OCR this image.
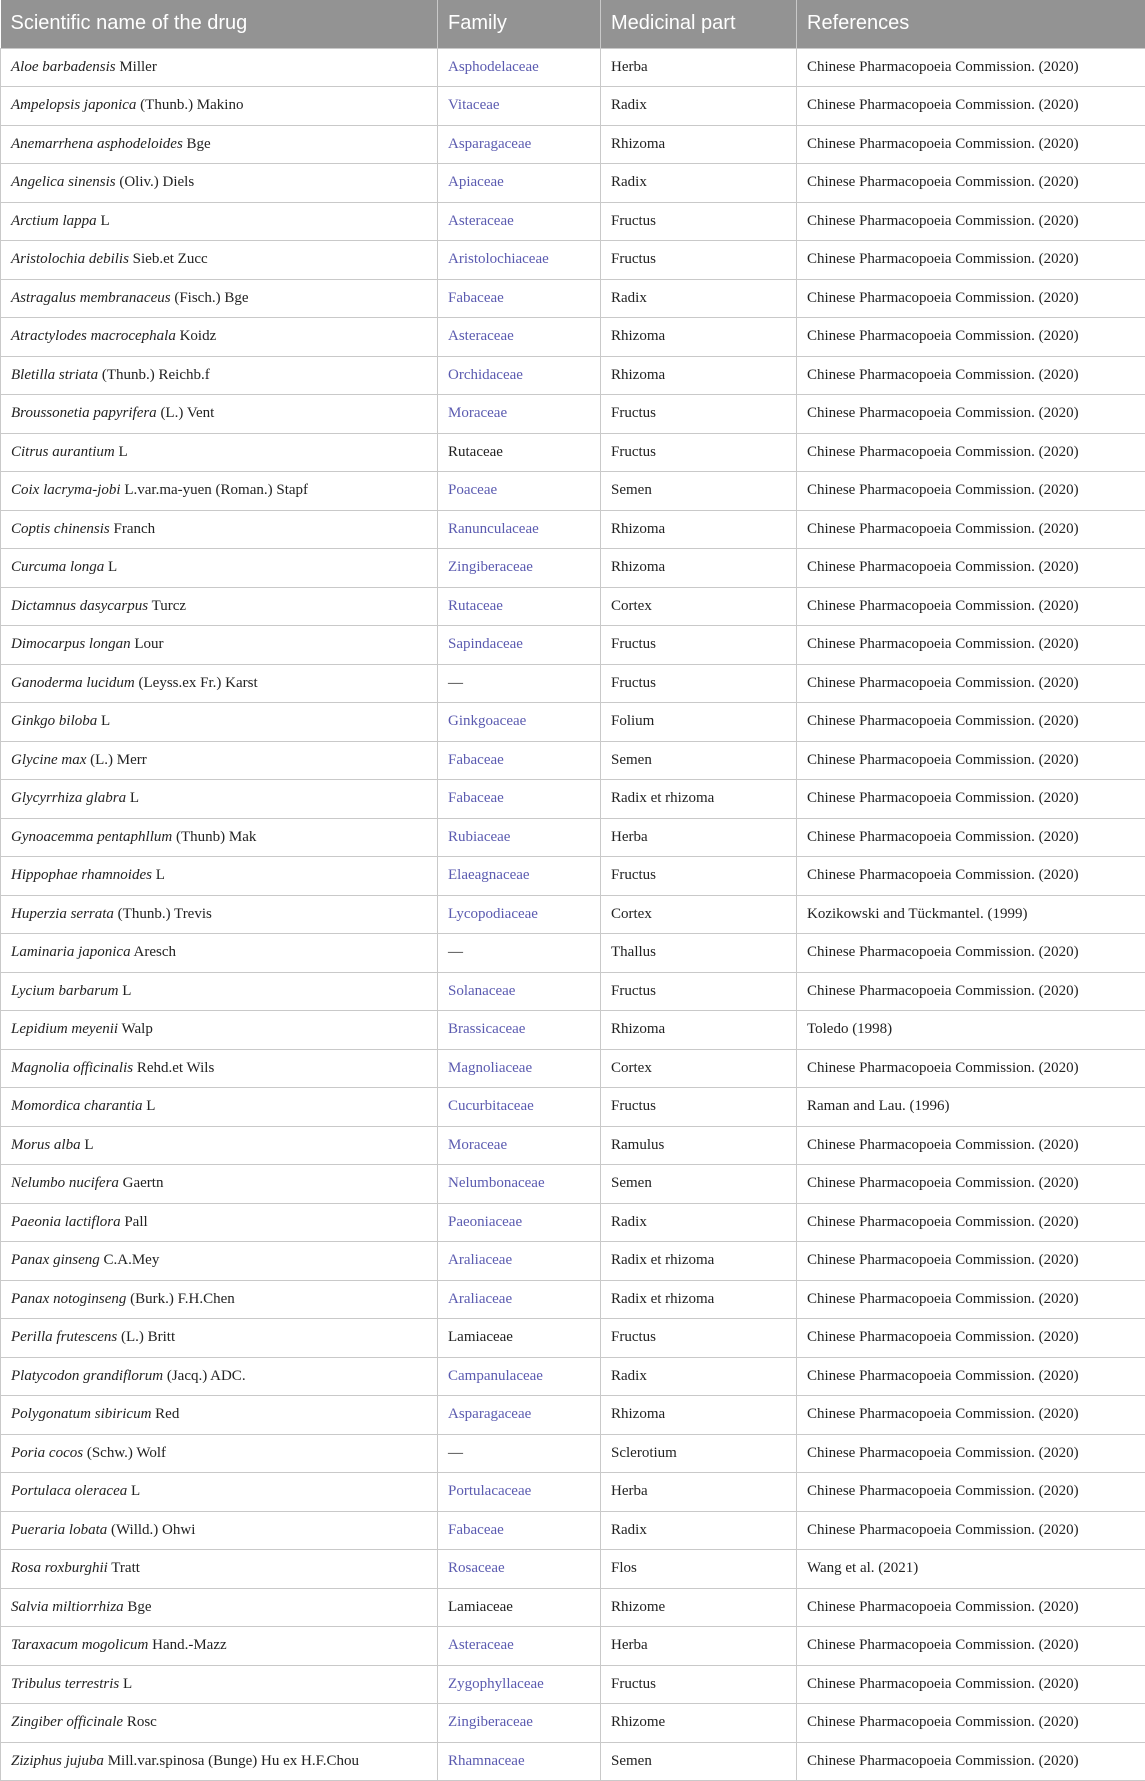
Scientific name of the drug	Family	Medicinal part	References
Aloe barbadensis Miller	Asphodelaceae	Herba	Chinese Pharmacopoeia Commission. (2020)
Ampelopsis japonica (Thunb.) Makino	Vitaceae	Radix	Chinese Pharmacopoeia Commission. (2020)
Anemarrhena asphodeloides Bge	Asparagaceae	Rhizoma	Chinese Pharmacopoeia Commission. (2020)
Angelica sinensis (Oliv.) Diels	Apiaceae	Radix	Chinese Pharmacopoeia Commission. (2020)
Arctium lappa L	Asteraceae	Fructus	Chinese Pharmacopoeia Commission. (2020)
Aristolochia debilis Sieb.et Zucc	Aristolochiaceae	Fructus	Chinese Pharmacopoeia Commission. (2020)
Astragalus membranaceus (Fisch.) Bge	Fabaceae	Radix	Chinese Pharmacopoeia Commission. (2020)
Atractylodes macrocephala Koidz	Asteraceae	Rhizoma	Chinese Pharmacopoeia Commission. (2020)
Bletilla striata (Thunb.) Reichb.f	Orchidaceae	Rhizoma	Chinese Pharmacopoeia Commission. (2020)
Broussonetia papyrifera (L.) Vent	Moraceae	Fructus	Chinese Pharmacopoeia Commission. (2020)
Citrus aurantium L	Rutaceae	Fructus	Chinese Pharmacopoeia Commission. (2020)
Coix lacryma-jobi L.var.ma-yuen (Roman.) Stapf	Poaceae	Semen	Chinese Pharmacopoeia Commission. (2020)
Coptis chinensis Franch	Ranunculaceae	Rhizoma	Chinese Pharmacopoeia Commission. (2020)
Curcuma longa L	Zingiberaceae	Rhizoma	Chinese Pharmacopoeia Commission. (2020)
Dictamnus dasycarpus Turcz	Rutaceae	Cortex	Chinese Pharmacopoeia Commission. (2020)
Dimocarpus longan Lour	Sapindaceae	Fructus	Chinese Pharmacopoeia Commission. (2020)
Ganoderma lucidum (Leyss.ex Fr.) Karst	—	Fructus	Chinese Pharmacopoeia Commission. (2020)
Ginkgo biloba L	Ginkgoaceae	Folium	Chinese Pharmacopoeia Commission. (2020)
Glycine max (L.) Merr	Fabaceae	Semen	Chinese Pharmacopoeia Commission. (2020)
Glycyrrhiza glabra L	Fabaceae	Radix et rhizoma	Chinese Pharmacopoeia Commission. (2020)
Gynoacemma pentaphllum (Thunb) Mak	Rubiaceae	Herba	Chinese Pharmacopoeia Commission. (2020)
Hippophae rhamnoides L	Elaeagnaceae	Fructus	Chinese Pharmacopoeia Commission. (2020)
Huperzia serrata (Thunb.) Trevis	Lycopodiaceae	Cortex	Kozikowski and Tückmantel. (1999)
Laminaria japonica Aresch	—	Thallus	Chinese Pharmacopoeia Commission. (2020)
Lycium barbarum L	Solanaceae	Fructus	Chinese Pharmacopoeia Commission. (2020)
Lepidium meyenii Walp	Brassicaceae	Rhizoma	Toledo (1998)
Magnolia officinalis Rehd.et Wils	Magnoliaceae	Cortex	Chinese Pharmacopoeia Commission. (2020)
Momordica charantia L	Cucurbitaceae	Fructus	Raman and Lau. (1996)
Morus alba L	Moraceae	Ramulus	Chinese Pharmacopoeia Commission. (2020)
Nelumbo nucifera Gaertn	Nelumbonaceae	Semen	Chinese Pharmacopoeia Commission. (2020)
Paeonia lactiflora Pall	Paeoniaceae	Radix	Chinese Pharmacopoeia Commission. (2020)
Panax ginseng C.A.Mey	Araliaceae	Radix et rhizoma	Chinese Pharmacopoeia Commission. (2020)
Panax notoginseng (Burk.) F.H.Chen	Araliaceae	Radix et rhizoma	Chinese Pharmacopoeia Commission. (2020)
Perilla frutescens (L.) Britt	Lamiaceae	Fructus	Chinese Pharmacopoeia Commission. (2020)
Platycodon grandiflorum (Jacq.) ADC.	Campanulaceae	Radix	Chinese Pharmacopoeia Commission. (2020)
Polygonatum sibiricum Red	Asparagaceae	Rhizoma	Chinese Pharmacopoeia Commission. (2020)
Poria cocos (Schw.) Wolf	—	Sclerotium	Chinese Pharmacopoeia Commission. (2020)
Portulaca oleracea L	Portulacaceae	Herba	Chinese Pharmacopoeia Commission. (2020)
Pueraria lobata (Willd.) Ohwi	Fabaceae	Radix	Chinese Pharmacopoeia Commission. (2020)
Rosa roxburghii Tratt	Rosaceae	Flos	Wang et al. (2021)
Salvia miltiorrhiza Bge	Lamiaceae	Rhizome	Chinese Pharmacopoeia Commission. (2020)
Taraxacum mogolicum Hand.-Mazz	Asteraceae	Herba	Chinese Pharmacopoeia Commission. (2020)
Tribulus terrestris L	Zygophyllaceae	Fructus	Chinese Pharmacopoeia Commission. (2020)
Zingiber officinale Rosc	Zingiberaceae	Rhizome	Chinese Pharmacopoeia Commission. (2020)
Ziziphus jujuba Mill.var.spinosa (Bunge) Hu ex H.F.Chou	Rhamnaceae	Semen	Chinese Pharmacopoeia Commission. (2020)
